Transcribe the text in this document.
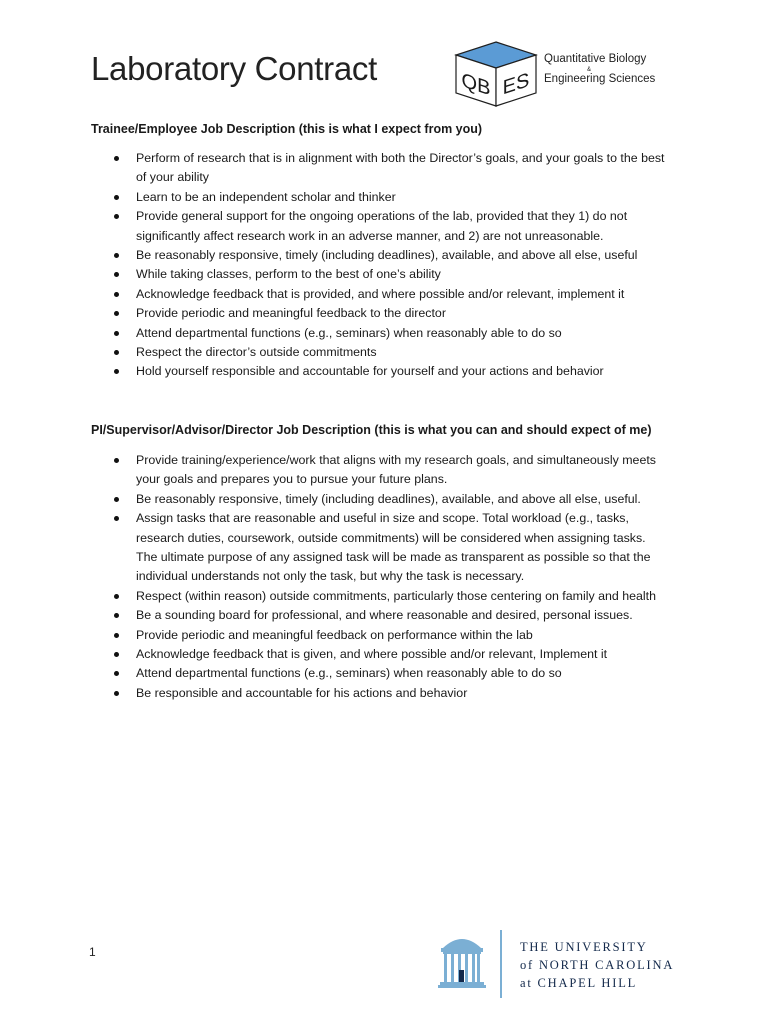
Laboratory Contract	QB ES
Quantitative Biology
&
Engineering Sciences
Trainee/Employee Job Description (this is what I expect from you)
Perform of research that is in alignment with both the Director’s goals, and your goals to the best of your ability
Learn to be an independent scholar and thinker
Provide general support for the ongoing operations of the lab, provided that they 1) do not significantly affect research work in an adverse manner, and 2) are not unreasonable.
Be reasonably responsive, timely (including deadlines), available, and above all else, useful
While taking classes, perform to the best of one’s ability
Acknowledge feedback that is provided, and where possible and/or relevant, implement it
Provide periodic and meaningful feedback to the director
Attend departmental functions (e.g., seminars) when reasonably able to do so
Respect the director’s outside commitments
Hold yourself responsible and accountable for yourself and your actions and behavior
PI/Supervisor/Advisor/Director Job Description (this is what you can and should expect of me)
Provide training/experience/work that aligns with my research goals, and simultaneously meets your goals and prepares you to pursue your future plans.
Be reasonably responsive, timely (including deadlines), available, and above all else, useful.
Assign tasks that are reasonable and useful in size and scope. Total workload (e.g., tasks, research duties, coursework, outside commitments) will be considered when assigning tasks. The ultimate purpose of any assigned task will be made as transparent as possible so that the individual understands not only the task, but why the task is necessary.
Respect (within reason) outside commitments, particularly those centering on family and health
Be a sounding board for professional, and where reasonable and desired, personal issues.
Provide periodic and meaningful feedback on performance within the lab
Acknowledge feedback that is given, and where possible and/or relevant, Implement it
Attend departmental functions (e.g., seminars) when reasonably able to do so
Be responsible and accountable for his actions and behavior
1	THE UNIVERSITY
of NORTH CAROLINA
at CHAPEL HILL
